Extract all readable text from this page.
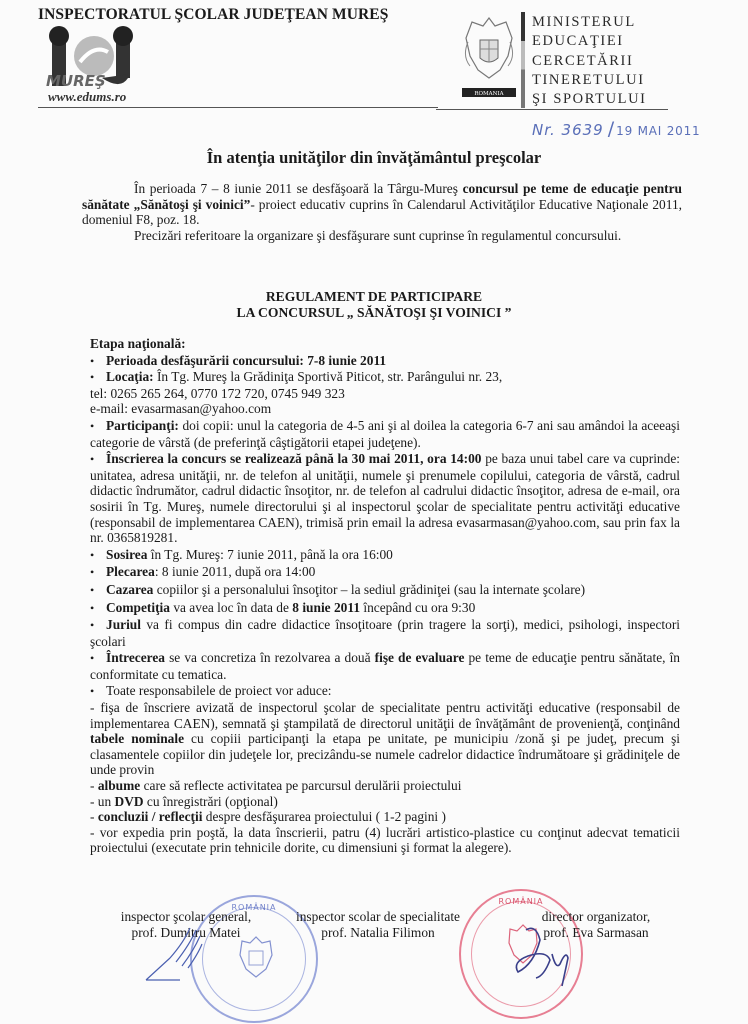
INSPECTORATUL ŞCOLAR JUDEŢEAN MUREŞ
MUREŞ
www.edums.ro	ROMANIA
MINISTERUL
EDUCAŢIEI
CERCETĂRII
TINERETULUI
ŞI SPORTULUI
Nr. 3639 / 19 MAI 2011
În atenţia unităţilor din învăţământul preşcolar
În perioada 7 – 8 iunie 2011 se desfăşoară la Târgu-Mureş concursul pe teme de educaţie pentru sănătate „Sănătoşi şi voinici”- proiect educativ cuprins în Calendarul Activităţilor Educative Naţionale 2011, domeniul F8, poz. 18.
Precizări referitoare la organizare şi desfăşurare sunt cuprinse în regulamentul concursului.
REGULAMENT DE PARTICIPARE
LA CONCURSUL „ SĂNĂTOŞI ŞI VOINICI ”
Etapa naţională:
• Perioada desfăşurării concursului: 7-8 iunie 2011
• Locaţia: În Tg. Mureş la Grădiniţa Sportivă Piticot, str. Parângului nr. 23,
tel: 0265 265 264, 0770 172 720, 0745 949 323
e-mail: evasarmasan@yahoo.com
• Participanţi: doi copii: unul la categoria de 4-5 ani şi al doilea la categoria 6-7 ani sau amândoi la aceeaşi categorie de vârstă (de preferinţă câştigătorii etapei judeţene).
• Înscrierea la concurs se realizează până la 30 mai 2011, ora 14:00 pe baza unui tabel care va cuprinde: unitatea, adresa unităţii, nr. de telefon al unităţii, numele şi prenumele copilului, categoria de vârstă, cadrul didactic îndrumător, cadrul didactic însoţitor, nr. de telefon al cadrului didactic însoţitor, adresa de e-mail, ora sosirii în Tg. Mureş, numele directorului şi al inspectorul şcolar de specialitate pentru activităţi educative (responsabil de implementarea CAEN), trimisă prin email la adresa evasarmasan@yahoo.com, sau prin fax la nr. 0365819281.
• Sosirea în Tg. Mureş: 7 iunie 2011, până la ora 16:00
• Plecarea: 8 iunie 2011, după ora 14:00
• Cazarea copiilor şi a personalului însoţitor – la sediul grădiniţei (sau la internate şcolare)
• Competiţia va avea loc în data de 8 iunie 2011 începând cu ora 9:30
• Juriul va fi compus din cadre didactice însoţitoare (prin tragere la sorţi), medici, psihologi, inspectori şcolari
• Întrecerea se va concretiza în rezolvarea a două fişe de evaluare pe teme de educaţie pentru sănătate, în conformitate cu tematica.
• Toate responsabilele de proiect vor aduce:
- fişa de înscriere avizată de inspectorul şcolar de specialitate pentru activităţi educative (responsabil de implementarea CAEN), semnată şi ştampilată de directorul unităţii de învăţământ de provenienţă, conţinând tabele nominale cu copiii participanţi la etapa pe unitate, pe municipiu /zonă şi pe judeţ, precum şi clasamentele copiilor din judeţele lor, precizându-se numele cadrelor didactice îndrumătoare şi grădiniţele de unde provin
- albume care să reflecte activitatea pe parcursul derulării proiectului
- un DVD cu înregistrări (opţional)
- concluzii / reflecţii despre desfăşurarea proiectului ( 1-2 pagini )
- vor expedia prin poştă, la data înscrierii, patru (4) lucrări artistico-plastice cu conţinut adecvat tematicii proiectului (executate prin tehnicile dorite, cu dimensiuni şi format la alegere).
ROMÂNIA
ROMÂNIA
inspector şcolar general,
prof. Dumitru Matei
inspector scolar de specialitate
prof. Natalia Filimon
director organizator,
prof. Eva Sarmasan
